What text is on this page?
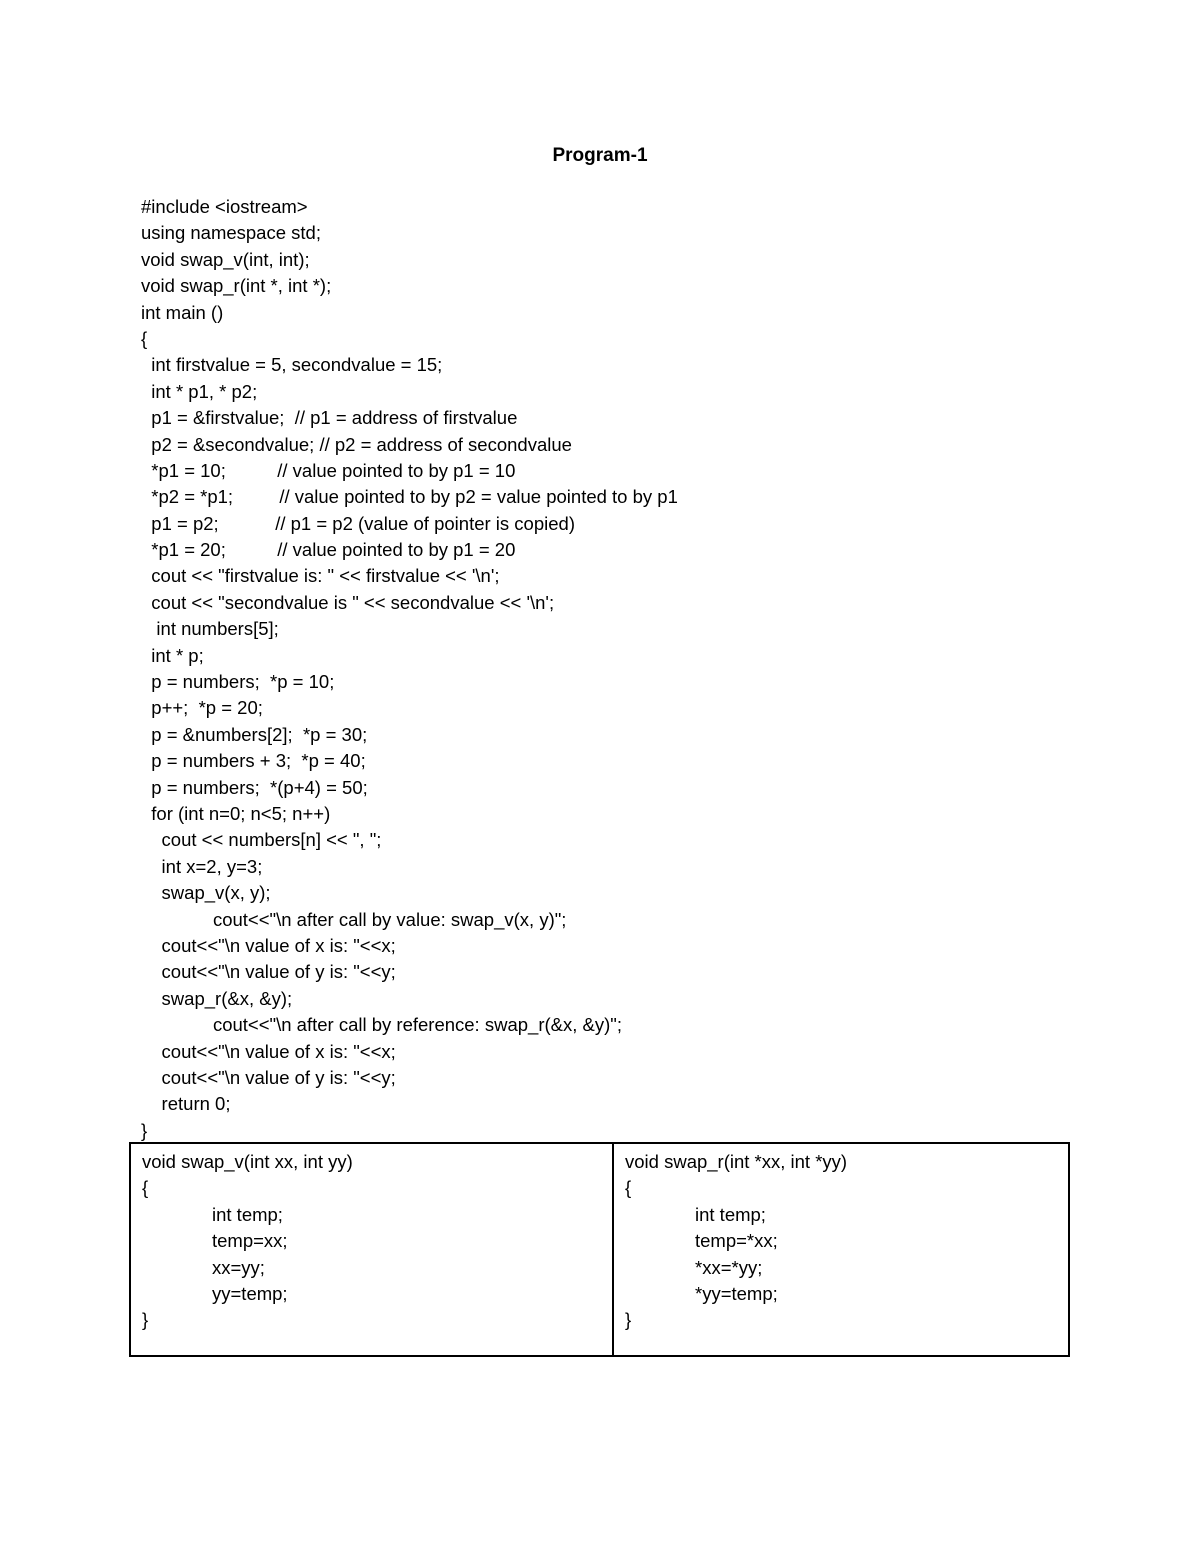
Program-1
#include <iostream>
using namespace std;
void swap_v(int, int);
void swap_r(int *, int *);
int main ()
{
int firstvalue = 5, secondvalue = 15;
int * p1, * p2;
p1 = &firstvalue;  // p1 = address of firstvalue
p2 = &secondvalue; // p2 = address of secondvalue
*p1 = 10;          // value pointed to by p1 = 10
*p2 = *p1;         // value pointed to by p2 = value pointed to by p1
p1 = p2;           // p1 = p2 (value of pointer is copied)
*p1 = 20;          // value pointed to by p1 = 20
cout << "firstvalue is: " << firstvalue << '\n';
cout << "secondvalue is " << secondvalue << '\n';
int numbers[5];
int * p;
p = numbers;  *p = 10;
p++;  *p = 20;
p = &numbers[2];  *p = 30;
p = numbers + 3;  *p = 40;
p = numbers;  *(p+4) = 50;
for (int n=0; n<5; n++)
cout << numbers[n] << ", ";
int x=2, y=3;
swap_v(x, y);
cout<<"\n after call by value: swap_v(x, y)";
cout<<"\n value of x is: "<<x;
cout<<"\n value of y is: "<<y;
swap_r(&x, &y);
cout<<"\n after call by reference: swap_r(&x, &y)";
cout<<"\n value of x is: "<<x;
cout<<"\n value of y is: "<<y;
return 0;
}
void swap_v(int xx, int yy)
{
int temp;
temp=xx;
xx=yy;
yy=temp;
}

void swap_r(int *xx, int *yy)
{
int temp;
temp=*xx;
*xx=*yy;
*yy=temp;
}
